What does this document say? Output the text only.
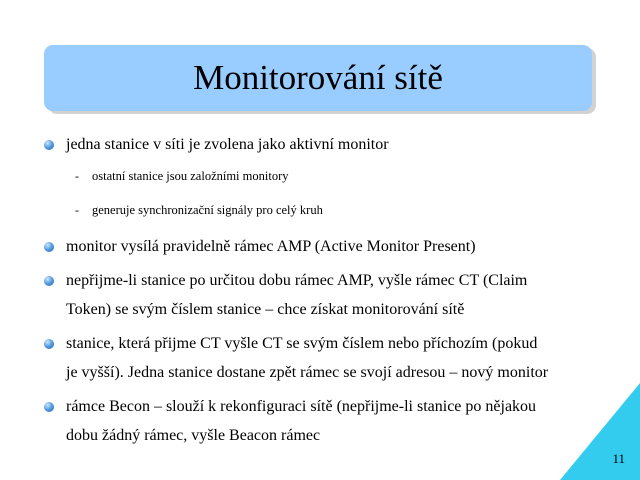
Monitorování sítě
jedna stanice v síti je zvolena jako aktivní monitor
- ostatní stanice jsou založními monitory
- generuje synchronizační signály pro celý kruh
monitor vysílá pravidelně rámec AMP (Active Monitor Present)
nepřijme-li stanice po určitou dobu rámec AMP, vyšle rámec CT (Claim
Token) se svým číslem stanice – chce získat monitorování sítě
stanice, která přijme CT vyšle CT se svým číslem nebo příchozím (pokud
je vyšší). Jedna stanice dostane zpět rámec se svojí adresou – nový monitor
rámce Becon – slouží k rekonfiguraci sítě (nepřijme-li stanice po nějakou
dobu žádný rámec, vyšle Beacon rámec
11
